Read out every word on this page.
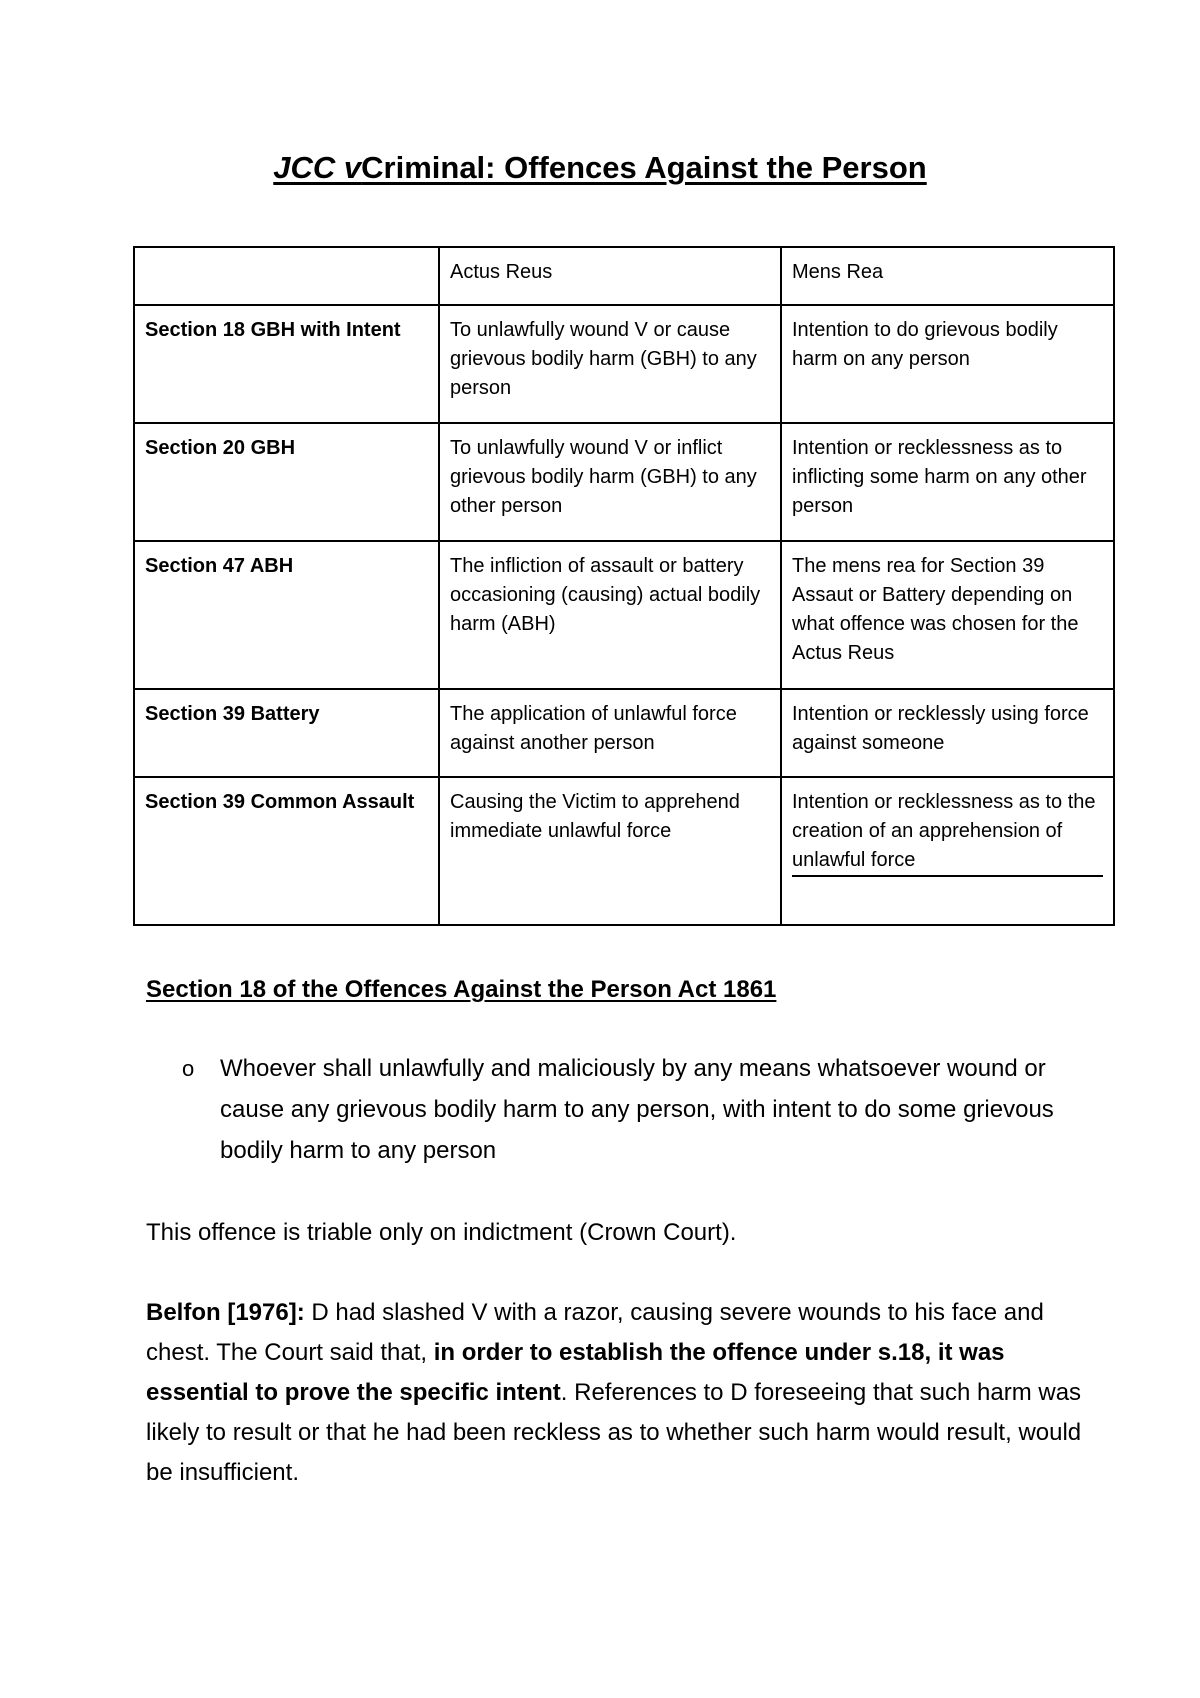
JCC vCriminal: Offences Against the Person
	Actus Reus	Mens Rea
Section 18 GBH with Intent	To unlawfully wound V or cause grievous bodily harm (GBH) to any person	Intention to do grievous bodily harm on any person
Section 20 GBH	To unlawfully wound V or inflict grievous bodily harm (GBH) to any other person	Intention or recklessness as to inflicting some harm on any other person
Section 47 ABH	The infliction of assault or battery occasioning (causing) actual bodily harm (ABH)	The mens rea for Section 39 Assaut or Battery depending on what offence was chosen for the Actus Reus
Section 39 Battery	The application of unlawful force against another person	Intention or recklessly using force against someone
Section 39 Common Assault	Causing the Victim to apprehend immediate unlawful force	Intention or recklessness as to the creation of an apprehension of unlawful force
Section 18 of the Offences Against the Person Act 1861
o Whoever shall unlawfully and maliciously by any means whatsoever wound or cause any grievous bodily harm to any person, with intent to do some grievous bodily harm to any person

This offence is triable only on indictment (Crown Court).

Belfon [1976]: D had slashed V with a razor, causing severe wounds to his face and chest. The Court said that, in order to establish the offence under s.18, it was essential to prove the specific intent. References to D foreseeing that such harm was likely to result or that he had been reckless as to whether such harm would result, would be insufficient.
